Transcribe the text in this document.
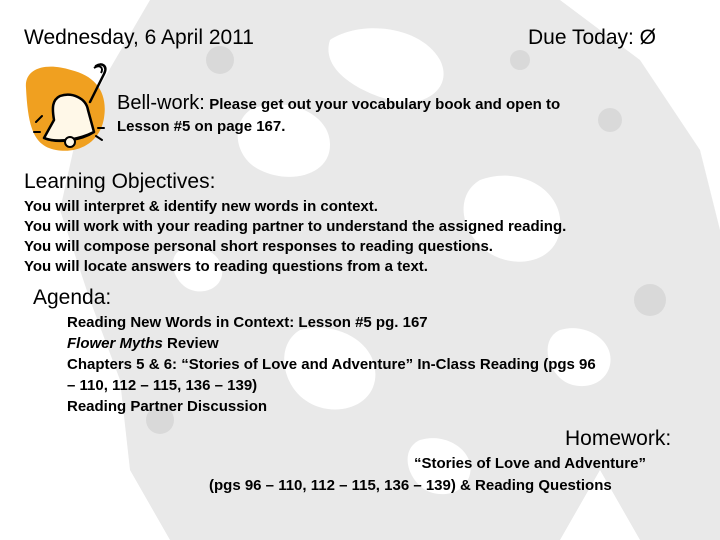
Wednesday, 6 April 2011	Due Today: Ø
Bell-work: Please get out your vocabulary book and open to
Lesson #5 on page 167.
Learning Objectives:
You will interpret & identify new words in context.
You will work with your reading partner to understand the assigned reading.
You will compose personal short responses to reading questions.
You will locate answers to reading questions from a text.
Agenda:
Reading New Words in Context: Lesson #5 pg. 167
Flower Myths Review
Chapters 5 & 6: “Stories of Love and Adventure” In-Class Reading (pgs 96
– 110, 112 – 115, 136 – 139)
Reading Partner Discussion
Homework:
“Stories of Love and Adventure”
(pgs 96 – 110, 112 – 115, 136 – 139) & Reading Questions
